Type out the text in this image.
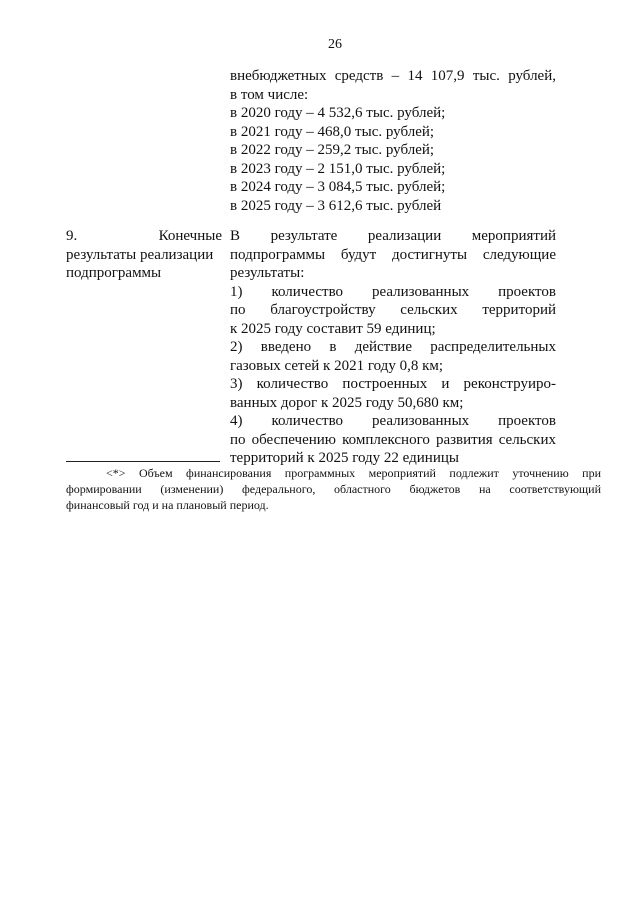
26
внебюджетных средств – 14 107,9 тыс. рублей,
в том числе:
в 2020 году – 4 532,6 тыс. рублей;
в 2021 году – 468,0 тыс. рублей;
в 2022 году – 259,2 тыс. рублей;
в 2023 году – 2 151,0 тыс. рублей;
в 2024 году – 3 084,5 тыс. рублей;
в 2025 году – 3 612,6 тыс. рублей
9.	Конечные
результаты реализации
подпрограммы
В результате реализации мероприятий
подпрограммы будут достигнуты следующие
результаты:
1) количество реализованных проектов
по благоустройству сельских территорий
к 2025 году составит 59 единиц;
2) введено в действие распределительных
газовых сетей к 2021 году 0,8 км;
3) количество построенных и реконструиро-
ванных дорог к 2025 году 50,680 км;
4) количество реализованных проектов
по обеспечению комплексного развития сельских
территорий к 2025 году 22 единицы
<*> Объем финансирования программных мероприятий подлежит уточнению при
формировании (изменении) федерального, областного бюджетов на соответствующий
финансовый год и на плановый период.
